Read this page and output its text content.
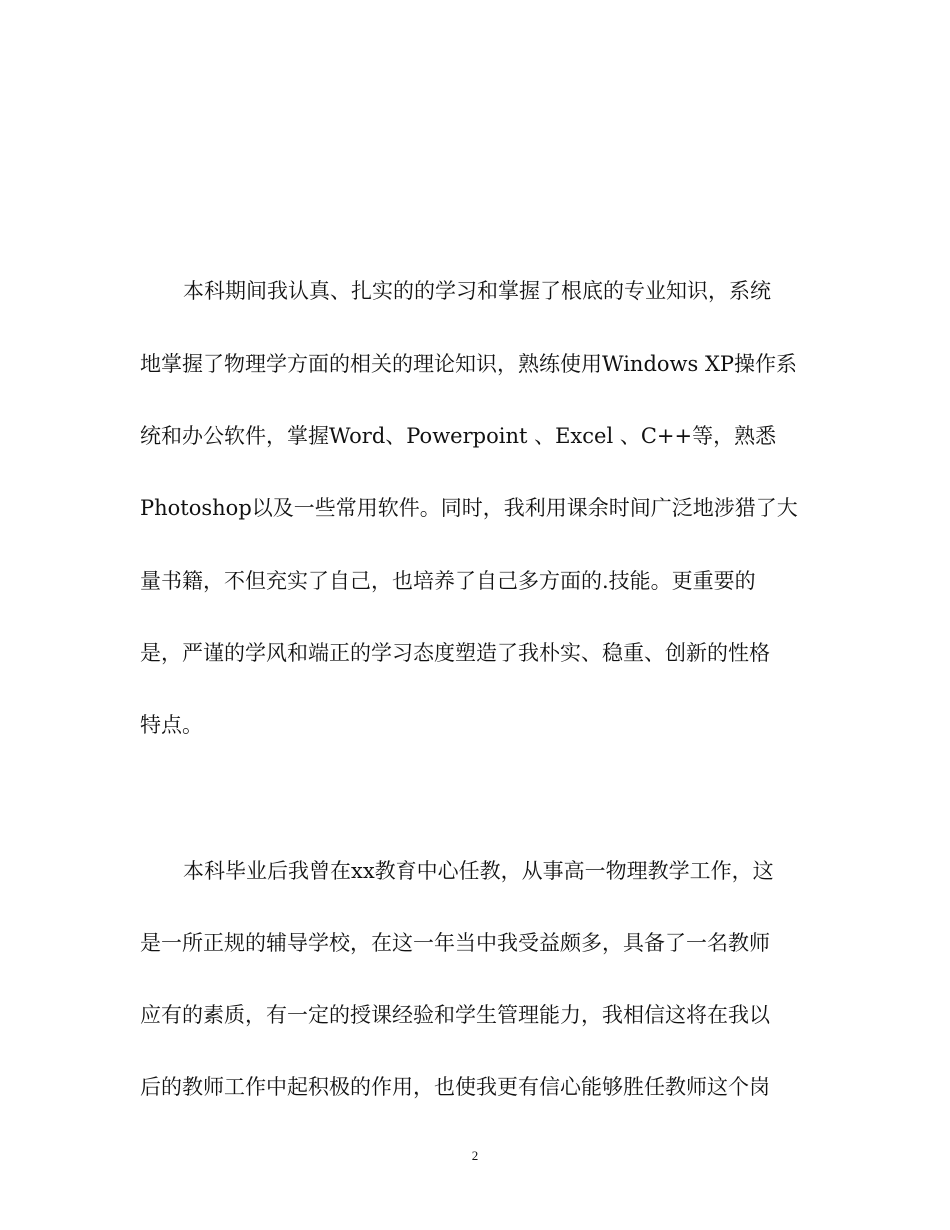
本科期间我认真、扎实的的学习和掌握了根底的专业知识，系统
地掌握了物理学方面的相关的理论知识，熟练使用Windows XP操作系
统和办公软件，掌握Word、Powerpoint 、Excel 、C++等，熟悉
Photoshop以及一些常用软件。同时，我利用课余时间广泛地涉猎了大
量书籍，不但充实了自己，也培养了自己多方面的.技能。更重要的
是，严谨的学风和端正的学习态度塑造了我朴实、稳重、创新的性格
特点。
本科毕业后我曾在xx教育中心任教，从事高一物理教学工作，这
是一所正规的辅导学校，在这一年当中我受益颇多，具备了一名教师
应有的素质，有一定的授课经验和学生管理能力，我相信这将在我以
后的教师工作中起积极的作用，也使我更有信心能够胜任教师这个岗
2
